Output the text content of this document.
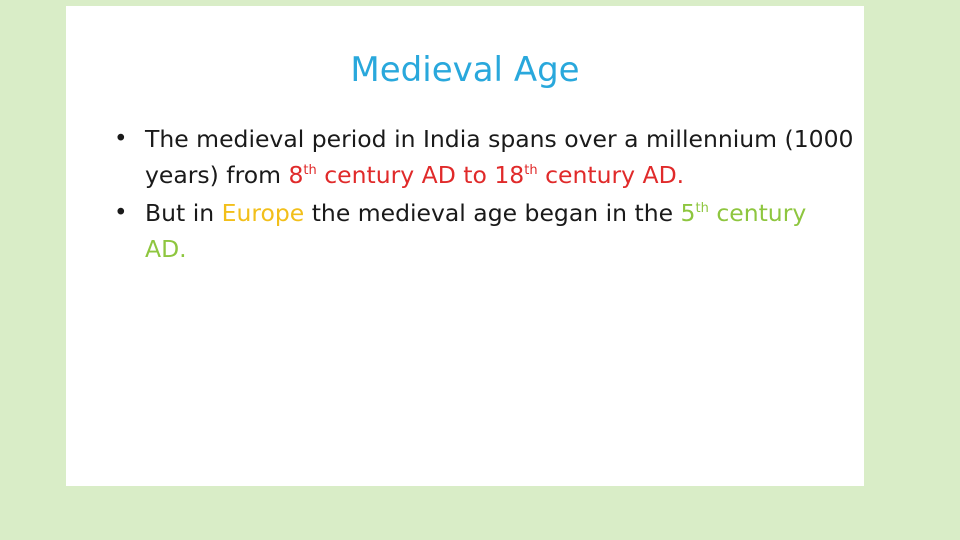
Medieval Age
• The medieval period in India spans over a millennium (1000 years) from 8th century AD to 18th century AD.
• But in Europe the medieval age began in the 5th century AD.
